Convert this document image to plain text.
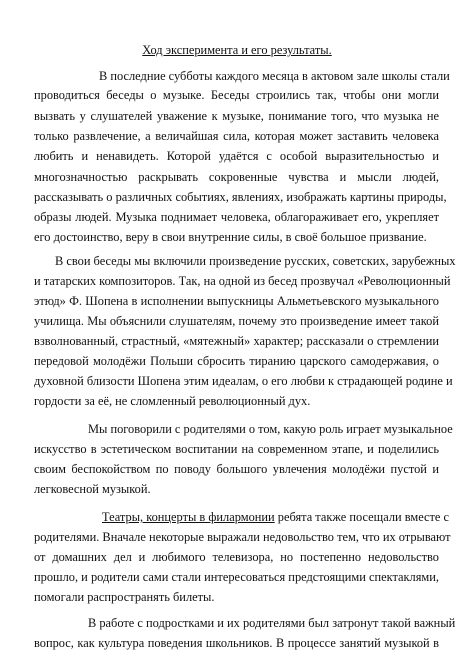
Ход эксперимента и его результаты.
В последние субботы каждого месяца в актовом зале школы стали
проводиться беседы о музыке. Беседы строились так, чтобы они могли
вызвать у слушателей уважение к музыке, понимание того, что музыка не
только развлечение, а величайшая сила, которая может заставить человека
любить и ненавидеть. Которой удаётся с особой выразительностью и
многозначностью раскрывать сокровенные чувства и мысли людей,
рассказывать о различных событиях, явлениях, изображать картины природы,
образы людей. Музыка поднимает человека, облагораживает его, укрепляет
его достоинство, веру в свои внутренние силы, в своё большое призвание.
В свои беседы мы включили произведение русских, советских, зарубежных
и татарских композиторов. Так, на одной из бесед прозвучал «Революционный
этюд» Ф. Шопена в исполнении выпускницы Альметьевского музыкального
училища. Мы объяснили слушателям, почему это произведение имеет такой
взволнованный, страстный, «мятежный» характер; рассказали о стремлении
передовой молодёжи Польши сбросить тиранию царского самодержавия, о
духовной близости Шопена этим идеалам, о его любви к страдающей родине и
гордости за её, не сломленный революционный дух.
Мы поговорили с родителями о том, какую роль играет музыкальное
искусство в эстетическом воспитании на современном этапе, и поделились
своим беспокойством по поводу большого увлечения молодёжи пустой и
легковесной музыкой.
Театры, концерты в филармонии ребята также посещали вместе с
родителями. Вначале некоторые выражали недовольство тем, что их отрывают
от домашних дел и любимого телевизора, но постепенно недовольство
прошло, и родители сами стали интересоваться предстоящими спектаклями,
помогали распространять билеты.
В работе с подростками и их родителями был затронут такой важный
вопрос, как культура поведения школьников. В процессе занятий музыкой в
